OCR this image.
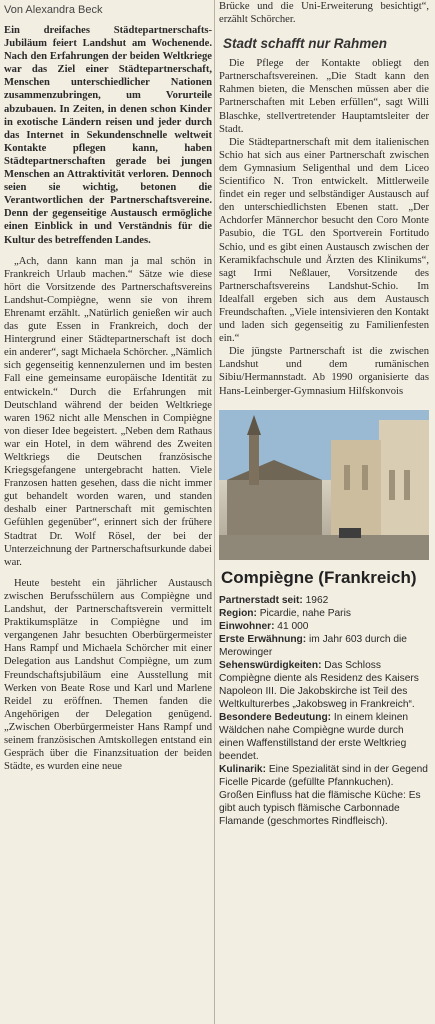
Von Alexandra Beck

Ein dreifaches Städtepartnerschafts-Jubiläum feiert Landshut am Wochenende. Nach den Erfahrungen der beiden Weltkriege war das Ziel einer Städtepartnerschaft, Menschen unterschiedlicher Nationen zusammenzubringen, um Vorurteile abzubauen. In Zeiten, in denen schon Kinder in exotische Ländern reisen und jeder durch das Internet in Sekundenschnelle weltweit Kontakte pflegen kann, haben Städtepartnerschaften gerade bei jungen Menschen an Attraktivität verloren. Dennoch seien sie wichtig, betonen die Verantwortlichen der Partnerschaftsvereine. Denn der gegenseitige Austausch ermögliche einen Einblick in und Verständnis für die Kultur des betreffenden Landes.

„Ach, dann kann man ja mal schön in Frankreich Urlaub machen.“ Sätze wie diese hört die Vorsitzende des Partnerschaftsvereins Landshut-Compiègne, wenn sie von ihrem Ehrenamt erzählt. „Natürlich genießen wir auch das gute Essen in Frankreich, doch der Hintergrund einer Städtepartnerschaft ist doch ein anderer“, sagt Michaela Schörcher. „Nämlich sich gegenseitig kennenzulernen und im besten Fall eine gemeinsame europäische Identität zu entwickeln.“ Durch die Erfahrungen mit Deutschland während der beiden Weltkriege waren 1962 nicht alle Menschen in Compiègne von dieser Idee begeistert. „Neben dem Rathaus war ein Hotel, in dem während des Zweiten Weltkriegs die Deutschen französische Kriegsgefangene untergebracht hatten. Viele Franzosen hatten gesehen, dass die nicht immer gut behandelt worden waren, und standen deshalb einer Partnerschaft mit gemischten Gefühlen gegenüber“, erinnert sich der frühere Stadtrat Dr. Wolf Rösel, der bei der Unterzeichnung der Partnerschaftsurkunde dabei war.

Heute besteht ein jährlicher Austausch zwischen Berufsschülern aus Compiègne und Landshut, der Partnerschaftsverein vermittelt Praktikumsplätze in Compiègne und im vergangenen Jahr besuchten Oberbürgermeister Hans Rampf und Michaela Schörcher mit einer Delegation aus Landshut Compiègne, um zum Freundschaftsjubiläum eine Ausstellung mit Werken von Beate Rose und Karl und Marlene Reidel zu eröffnen. Themen fanden die Angehörigen der Delegation genügend. „Zwischen Oberbürgermeister Hans Rampf und seinem französischen Amtskollegen entstand ein Gespräch über die Finanzsituation der beiden Städte, es wurden eine neue

Brücke und die Uni-Erweiterung besichtigt“, erzählt Schörcher.

Stadt schafft nur Rahmen

Die Pflege der Kontakte obliegt den Partnerschaftsvereinen. „Die Stadt kann den Rahmen bieten, die Menschen müssen aber die Partnerschaften mit Leben erfüllen“, sagt Willi Blaschke, stellvertretender Hauptamtsleiter der Stadt.

Die Städtepartnerschaft mit dem italienischen Schio hat sich aus einer Partnerschaft zwischen dem Gymnasium Seligenthal und dem Liceo Scientifico N. Tron entwickelt. Mittlerweile findet ein reger und selbständiger Austausch auf den unterschiedlichsten Ebenen statt. „Der Achdorfer Männerchor besucht den Coro Monte Pasubio, die TGL den Sportverein Fortitudo Schio, und es gibt einen Austausch zwischen der Keramikfachschule und Ärzten des Klinikums“, sagt Irmi Neßlauer, Vorsitzende des Partnerschaftsvereins Landshut-Schio. Im Idealfall ergeben sich aus dem Austausch Freundschaften. „Viele intensivieren den Kontakt und laden sich gegenseitig zu Familienfesten ein.“

Die jüngste Partnerschaft ist die zwischen Landshut und dem rumänischen Sibiu/Hermannstadt. Ab 1990 organisierte das Hans-Leinberger-Gymnasium Hilfskonvois

Compiègne (Frankreich)

Partnerstadt seit: 1962

Region: Picardie, nahe Paris

Einwohner: 41 000

Erste Erwähnung: im Jahr 603 durch die Merowinger

Sehenswürdigkeiten: Das Schloss Compiègne diente als Residenz des Kaisers Napoleon III. Die Jakobskirche ist Teil des Weltkulturerbes „Jakobsweg in Frankreich“.

Besondere Bedeutung: In einem kleinen Wäldchen nahe Compiègne wurde durch einen Waffenstillstand der erste Weltkrieg beendet.

Kulinarik: Eine Spezialität sind in der Gegend Ficelle Picarde (gefüllte Pfannkuchen). Großen Einfluss hat die flämische Küche: Es gibt auch typisch flämische Carbonnade Flamande (geschmortes Rindfleisch).
